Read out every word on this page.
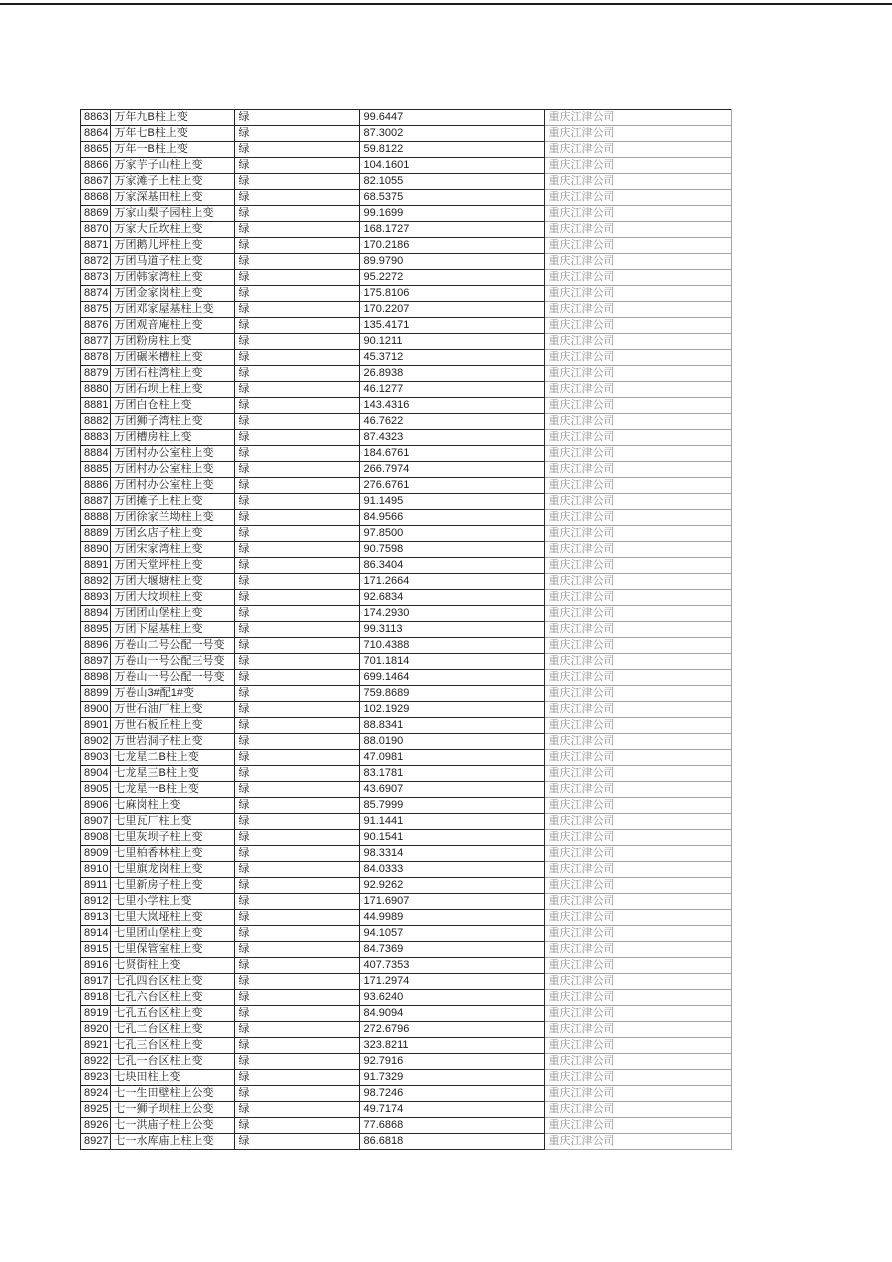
8863	万年九B柱上变	绿	99.6447	重庆江津公司
8864	万年七B柱上变	绿	87.3002	重庆江津公司
8865	万年一B柱上变	绿	59.8122	重庆江津公司
8866	万家芋子山柱上变	绿	104.1601	重庆江津公司
8867	万家滩子上柱上变	绿	82.1055	重庆江津公司
8868	万家深基田柱上变	绿	68.5375	重庆江津公司
8869	万家山梨子园柱上变	绿	99.1699	重庆江津公司
8870	万家大丘坎柱上变	绿	168.1727	重庆江津公司
8871	万团鹅儿坪柱上变	绿	170.2186	重庆江津公司
8872	万团马道子柱上变	绿	89.9790	重庆江津公司
8873	万团韩家湾柱上变	绿	95.2272	重庆江津公司
8874	万团金家岗柱上变	绿	175.8106	重庆江津公司
8875	万团邓家屋基柱上变	绿	170.2207	重庆江津公司
8876	万团观音庵柱上变	绿	135.4171	重庆江津公司
8877	万团粉房柱上变	绿	90.1211	重庆江津公司
8878	万团碾米槽柱上变	绿	45.3712	重庆江津公司
8879	万团石柱湾柱上变	绿	26.8938	重庆江津公司
8880	万团石坝上柱上变	绿	46.1277	重庆江津公司
8881	万团白仓柱上变	绿	143.4316	重庆江津公司
8882	万团狮子湾柱上变	绿	46.7622	重庆江津公司
8883	万团槽房柱上变	绿	87.4323	重庆江津公司
8884	万团村办公室柱上变	绿	184.6761	重庆江津公司
8885	万团村办公室柱上变	绿	266.7974	重庆江津公司
8886	万团村办公室柱上变	绿	276.6761	重庆江津公司
8887	万团摊子上柱上变	绿	91.1495	重庆江津公司
8888	万团徐家兰坳柱上变	绿	84.9566	重庆江津公司
8889	万团幺店子柱上变	绿	97.8500	重庆江津公司
8890	万团宋家湾柱上变	绿	90.7598	重庆江津公司
8891	万团天堂坪柱上变	绿	86.3404	重庆江津公司
8892	万团大堰塘柱上变	绿	171.2664	重庆江津公司
8893	万团大坟坝柱上变	绿	92.6834	重庆江津公司
8894	万团团山堡柱上变	绿	174.2930	重庆江津公司
8895	万团下屋基柱上变	绿	99.3113	重庆江津公司
8896	万卷山二号公配一号变	绿	710.4388	重庆江津公司
8897	万卷山一号公配三号变	绿	701.1814	重庆江津公司
8898	万卷山一号公配一号变	绿	699.1464	重庆江津公司
8899	万卷山3#配1#变	绿	759.8689	重庆江津公司
8900	万世石油厂柱上变	绿	102.1929	重庆江津公司
8901	万世石板丘柱上变	绿	88.8341	重庆江津公司
8902	万世岩洞子柱上变	绿	88.0190	重庆江津公司
8903	七龙星二B柱上变	绿	47.0981	重庆江津公司
8904	七龙星三B柱上变	绿	83.1781	重庆江津公司
8905	七龙星一B柱上变	绿	43.6907	重庆江津公司
8906	七麻岗柱上变	绿	85.7999	重庆江津公司
8907	七里瓦厂柱上变	绿	91.1441	重庆江津公司
8908	七里灰坝子柱上变	绿	90.1541	重庆江津公司
8909	七里柏香林柱上变	绿	98.3314	重庆江津公司
8910	七里旗龙岗柱上变	绿	84.0333	重庆江津公司
8911	七里新房子柱上变	绿	92.9262	重庆江津公司
8912	七里小学柱上变	绿	171.6907	重庆江津公司
8913	七里大岚垭柱上变	绿	44.9989	重庆江津公司
8914	七里团山堡柱上变	绿	94.1057	重庆江津公司
8915	七里保管室柱上变	绿	84.7369	重庆江津公司
8916	七贤街柱上变	绿	407.7353	重庆江津公司
8917	七孔四台区柱上变	绿	171.2974	重庆江津公司
8918	七孔六台区柱上变	绿	93.6240	重庆江津公司
8919	七孔五台区柱上变	绿	84.9094	重庆江津公司
8920	七孔二台区柱上变	绿	272.6796	重庆江津公司
8921	七孔三台区柱上变	绿	323.8211	重庆江津公司
8922	七孔一台区柱上变	绿	92.7916	重庆江津公司
8923	七块田柱上变	绿	91.7329	重庆江津公司
8924	七一生田壁柱上公变	绿	98.7246	重庆江津公司
8925	七一狮子坝柱上公变	绿	49.7174	重庆江津公司
8926	七一洪庙子柱上公变	绿	77.6868	重庆江津公司
8927	七一水库庙上柱上变	绿	86.6818	重庆江津公司
